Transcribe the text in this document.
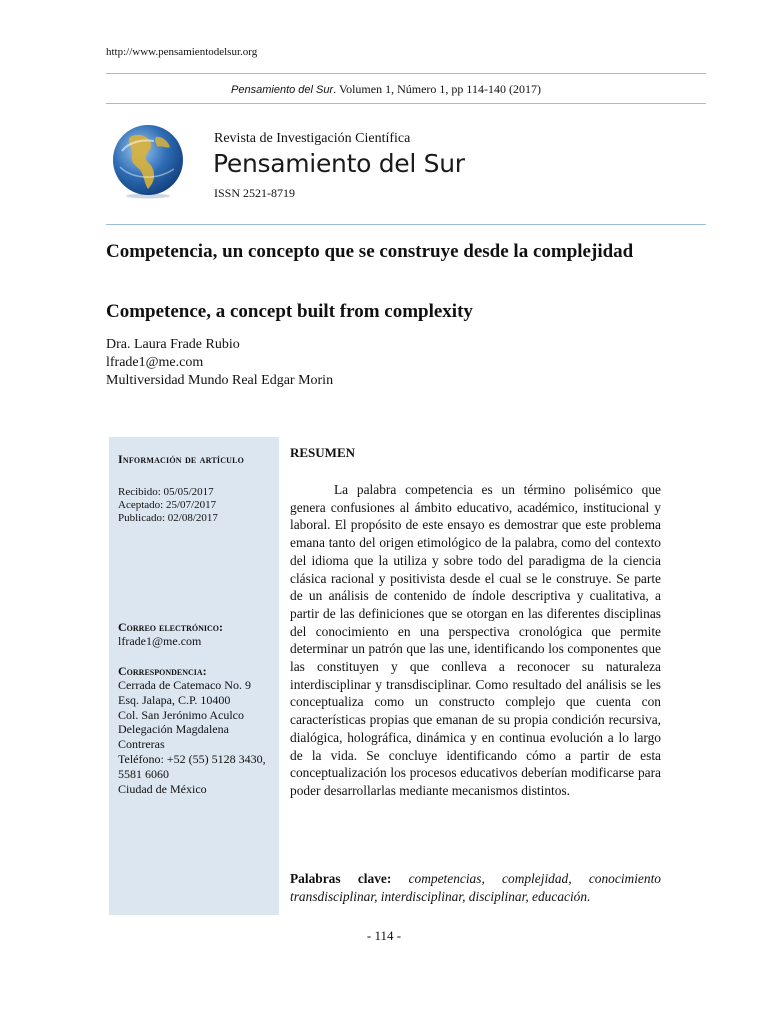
http://www.pensamientodelsur.org
Pensamiento del Sur. Volumen 1, Número 1, pp 114-140 (2017)
Revista de Investigación Científica
Pensamiento del Sur
ISSN 2521-8719
Competencia, un concepto que se construye desde la complejidad
Competence, a concept built from complexity
Dra. Laura Frade Rubio
lfrade1@me.com
Multiversidad Mundo Real Edgar Morin
Información de artículo
Recibido: 05/05/2017
Aceptado: 25/07/2017
Publicado: 02/08/2017
Correo electrónico:
lfrade1@me.com
Correspondencia:
Cerrada de Catemaco No. 9
Esq. Jalapa, C.P. 10400
Col. San Jerónimo Aculco
Delegación Magdalena Contreras
Teléfono: +52 (55) 5128 3430, 5581 6060
Ciudad de México
RESUMEN

La palabra competencia es un término polisémico que genera confusiones al ámbito educativo, académico, institucional y laboral. El propósito de este ensayo es demostrar que este problema emana tanto del origen etimológico de la palabra, como del contexto del idioma que la utiliza y sobre todo del paradigma de la ciencia clásica racional y positivista desde el cual se le construye. Se parte de un análisis de contenido de índole descriptiva y cualitativa, a partir de las definiciones que se otorgan en las diferentes disciplinas del conocimiento en una perspectiva cronológica que permite determinar un patrón que las une, identificando los componentes que las constituyen y que conlleva a reconocer su naturaleza interdisciplinar y transdisciplinar. Como resultado del análisis se les conceptualiza como un constructo complejo que cuenta con características propias que emanan de su propia condición recursiva, dialógica, holográfica, dinámica y en continua evolución a lo largo de la vida. Se concluye identificando cómo a partir de esta conceptualización los procesos educativos deberían modificarse para poder desarrollarlas mediante mecanismos distintos.

Palabras clave: competencias, complejidad, conocimiento transdisciplinar, interdisciplinar, disciplinar, educación.

- 114 -
